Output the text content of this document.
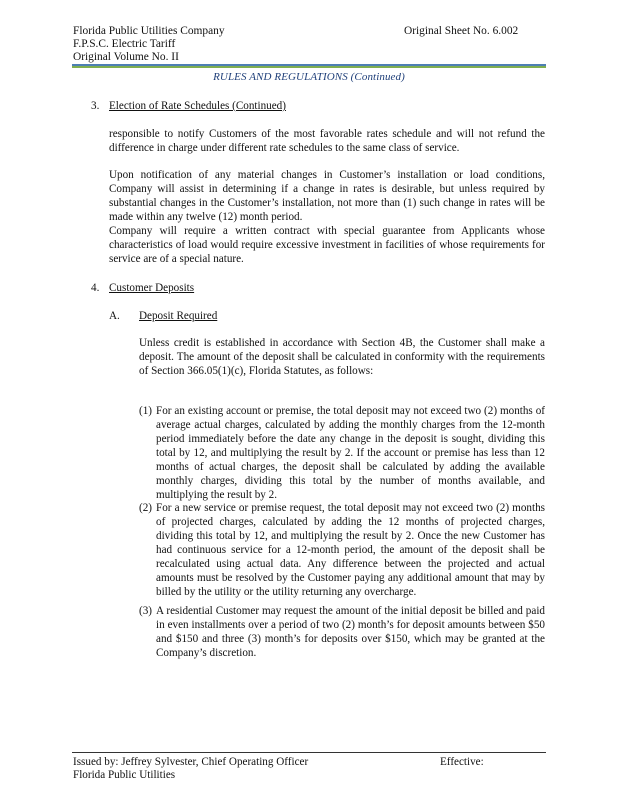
Florida Public Utilities Company
F.P.S.C. Electric Tariff
Original Volume No. II
Original Sheet No. 6.002
RULES AND REGULATIONS (Continued)
3. Election of Rate Schedules (Continued)
responsible to notify Customers of the most favorable rates schedule and will not refund the difference in charge under different rate schedules to the same class of service.
Upon notification of any material changes in Customer’s installation or load conditions, Company will assist in determining if a change in rates is desirable, but unless required by substantial changes in the Customer’s installation, not more than (1) such change in rates will be made within any twelve (12) month period.
Company will require a written contract with special guarantee from Applicants whose characteristics of load would require excessive investment in facilities of whose requirements for service are of a special nature.
4. Customer Deposits
A. Deposit Required
Unless credit is established in accordance with Section 4B, the Customer shall make a deposit. The amount of the deposit shall be calculated in conformity with the requirements of Section 366.05(1)(c), Florida Statutes, as follows:
(1) For an existing account or premise, the total deposit may not exceed two (2) months of average actual charges, calculated by adding the monthly charges from the 12-month period immediately before the date any change in the deposit is sought, dividing this total by 12, and multiplying the result by 2. If the account or premise has less than 12 months of actual charges, the deposit shall be calculated by adding the available monthly charges, dividing this total by the number of months available, and multiplying the result by 2.
(2) For a new service or premise request, the total deposit may not exceed two (2) months of projected charges, calculated by adding the 12 months of projected charges, dividing this total by 12, and multiplying the result by 2. Once the new Customer has had continuous service for a 12-month period, the amount of the deposit shall be recalculated using actual data. Any difference between the projected and actual amounts must be resolved by the Customer paying any additional amount that may by billed by the utility or the utility returning any overcharge.
(3) A residential Customer may request the amount of the initial deposit be billed and paid in even installments over a period of two (2) month’s for deposit amounts between $50 and $150 and three (3) month’s for deposits over $150, which may be granted at the Company’s discretion.
Issued by: Jeffrey Sylvester, Chief Operating Officer
Florida Public Utilities
Effective:
